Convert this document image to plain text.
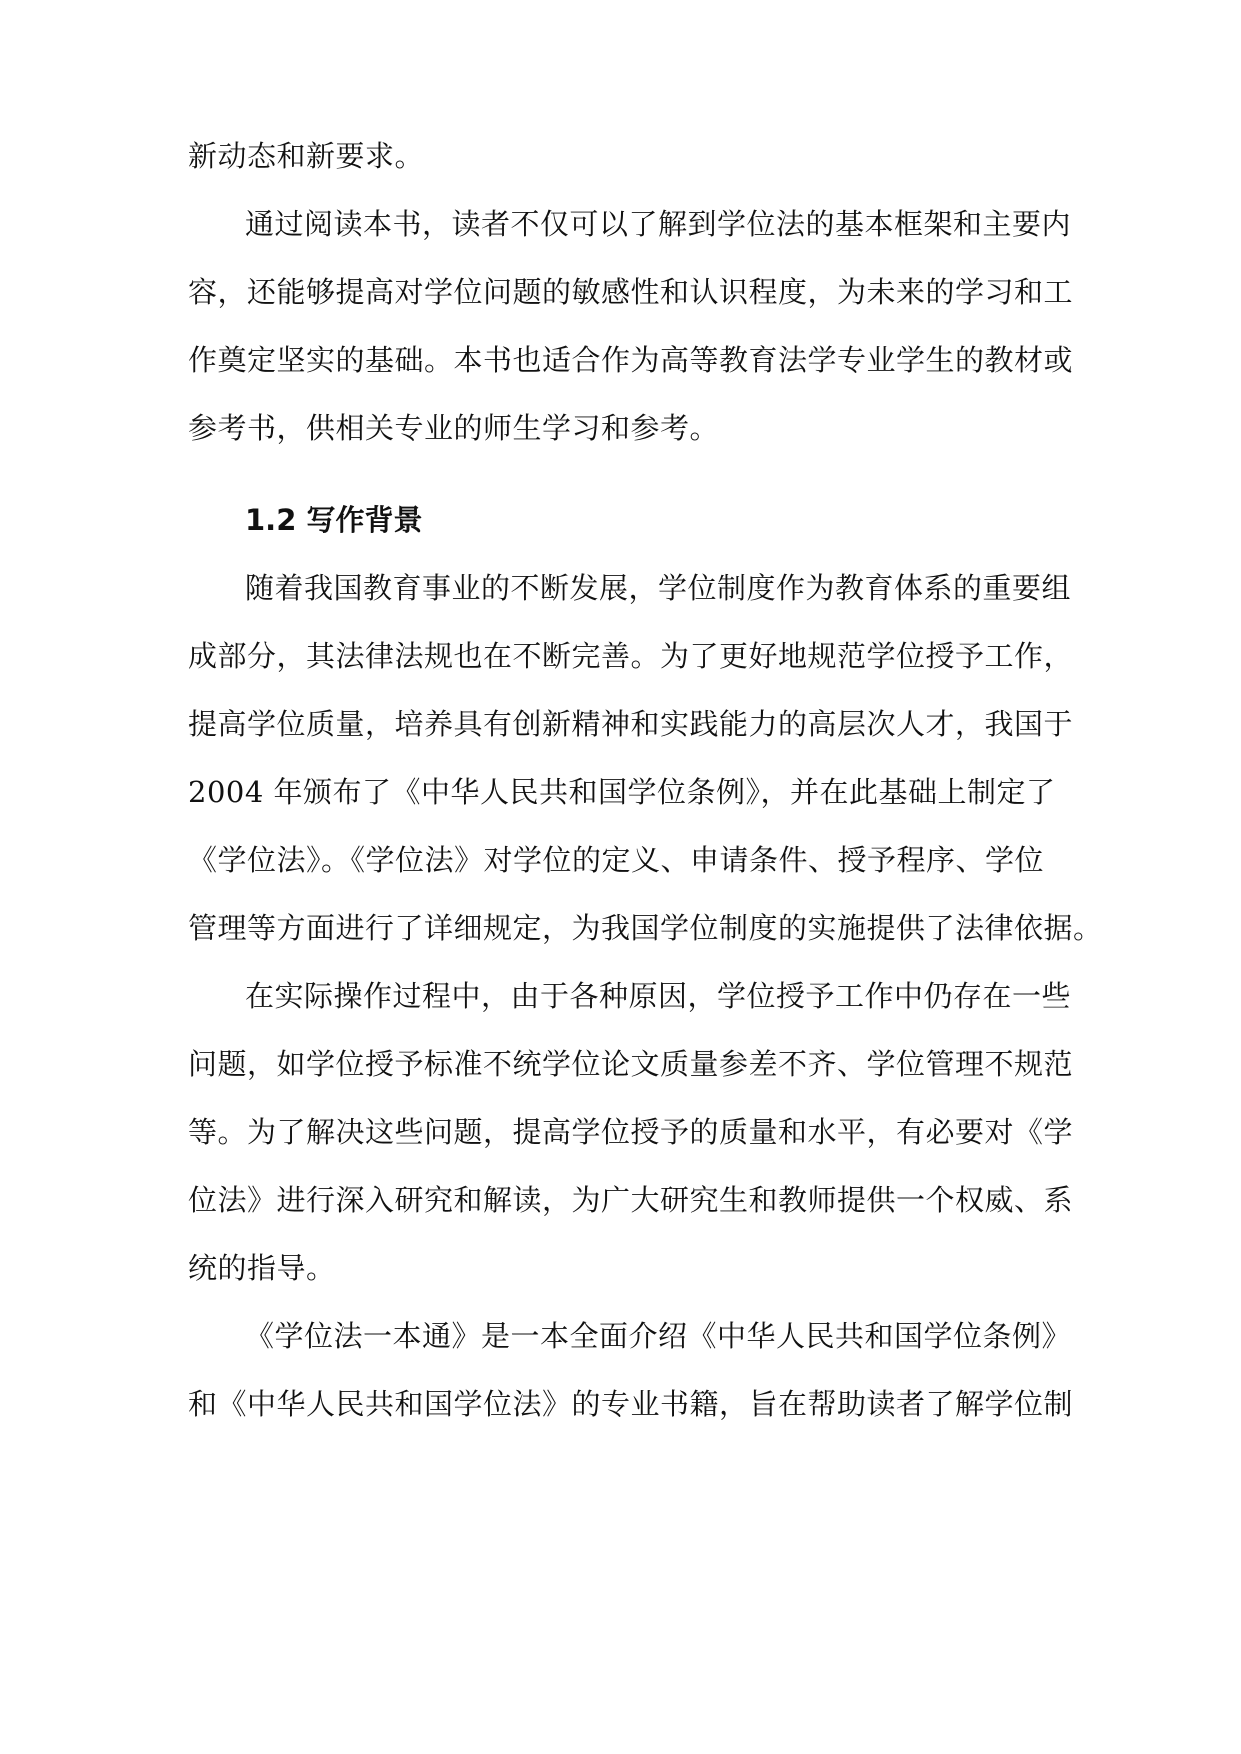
新动态和新要求。
通过阅读本书，读者不仅可以了解到学位法的基本框架和主要内
容，还能够提高对学位问题的敏感性和认识程度，为未来的学习和工
作奠定坚实的基础。本书也适合作为高等教育法学专业学生的教材或
参考书，供相关专业的师生学习和参考。
1.2 写作背景
随着我国教育事业的不断发展，学位制度作为教育体系的重要组
成部分，其法律法规也在不断完善。为了更好地规范学位授予工作，
提高学位质量，培养具有创新精神和实践能力的高层次人才，我国于
2004 年颁布了《中华人民共和国学位条例》，并在此基础上制定了
《学位法》。《学位法》对学位的定义、申请条件、授予程序、学位
管理等方面进行了详细规定，为我国学位制度的实施提供了法律依据。
在实际操作过程中，由于各种原因，学位授予工作中仍存在一些
问题，如学位授予标准不统学位论文质量参差不齐、学位管理不规范
等。为了解决这些问题，提高学位授予的质量和水平，有必要对《学
位法》进行深入研究和解读，为广大研究生和教师提供一个权威、系
统的指导。
《学位法一本通》是一本全面介绍《中华人民共和国学位条例》
和《中华人民共和国学位法》的专业书籍，旨在帮助读者了解学位制
